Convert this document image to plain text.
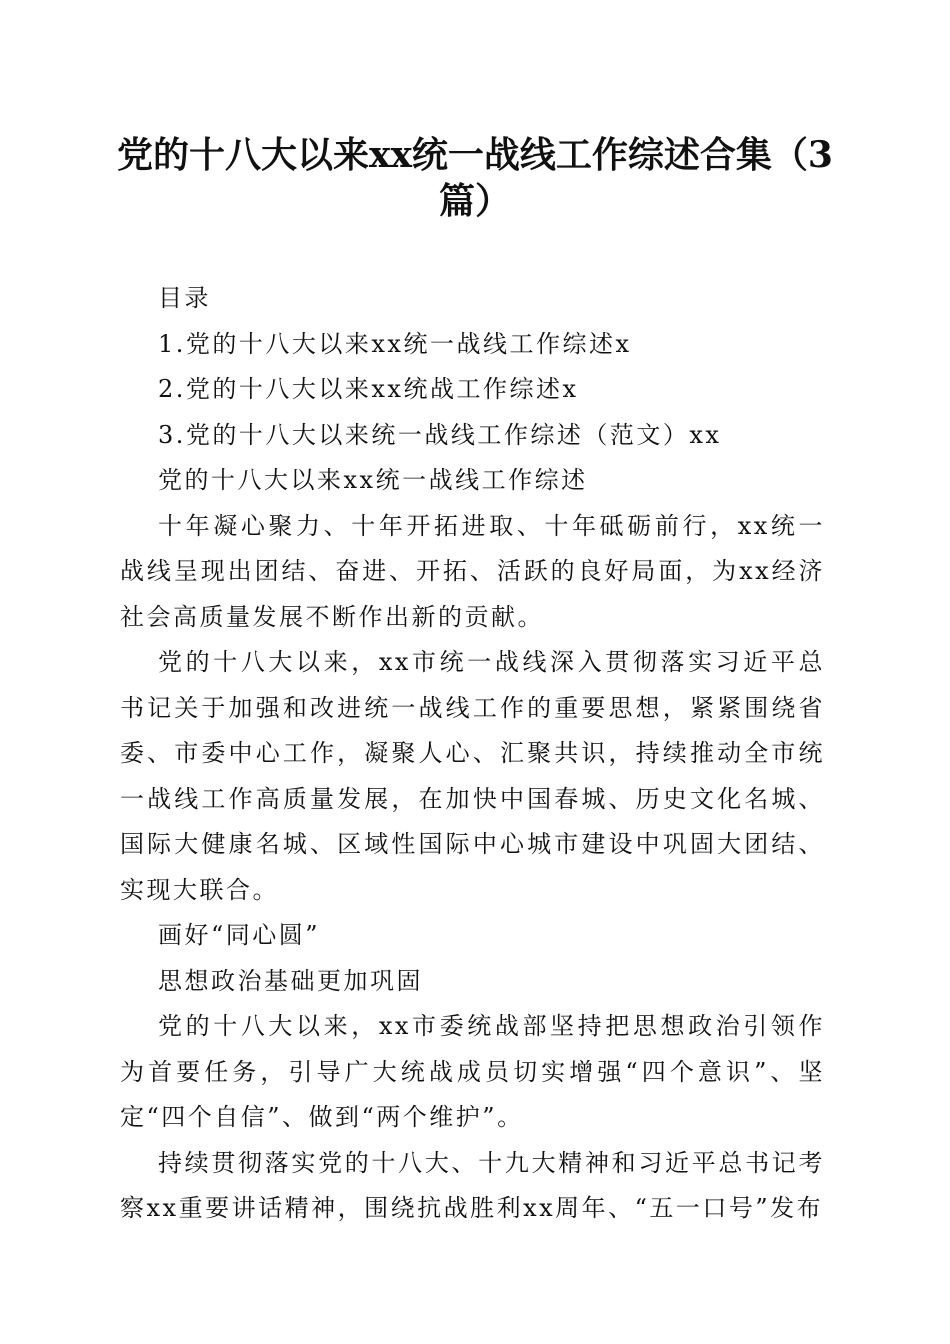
党的十八大以来xx统一战线工作综述合集（3篇）

目录

1.党的十八大以来xx统一战线工作综述x

2.党的十八大以来xx统战工作综述x

3.党的十八大以来统一战线工作综述（范文）xx

党的十八大以来xx统一战线工作综述

十年凝心聚力、十年开拓进取、十年砥砺前行，xx统一战线呈现出团结、奋进、开拓、活跃的良好局面，为xx经济社会高质量发展不断作出新的贡献。

党的十八大以来，xx市统一战线深入贯彻落实习近平总书记关于加强和改进统一战线工作的重要思想，紧紧围绕省委、市委中心工作，凝聚人心、汇聚共识，持续推动全市统一战线工作高质量发展，在加快中国春城、历史文化名城、国际大健康名城、区域性国际中心城市建设中巩固大团结、实现大联合。

画好“同心圆”

思想政治基础更加巩固

党的十八大以来，xx市委统战部坚持把思想政治引领作为首要任务，引导广大统战成员切实增强“四个意识”、坚定“四个自信”、做到“两个维护”。

持续贯彻落实党的十八大、十九大精神和习近平总书记考察xx重要讲话精神，围绕抗战胜利xx周年、“五一口号”发布
